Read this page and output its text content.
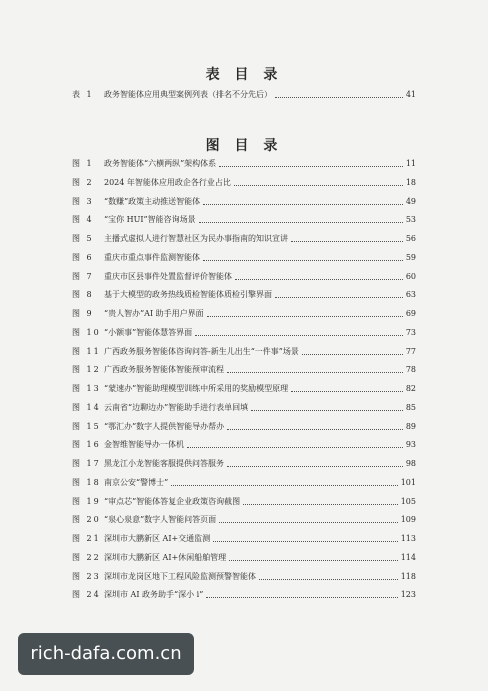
表 目 录
表 1	政务智能体应用典型案例列表（排名不分先后）	41
图 目 录
图 1	政务智能体“六横两纵”架构体系	11
图 2	2024 年智能体应用政企各行业占比	18
图 3	“数赚”政策主动推送智能体	49
图 4	“宝你 HUI”智能咨询场景	53
图 5	主播式虚拟人进行智慧社区为民办事指南的知识宣讲	56
图 6	重庆市重点事件监测智能体	59
图 7	重庆市区县事件处置监督评价智能体	60
图 8	基于大模型的政务热线质检智能体质检引擎界面	63
图 9	“贵人智办”AI 助手用户界面	69
图 10 “小额事”智能体慧答界面	73
图 11 广西政务服务智能体咨询问答-新生儿出生“一件事”场景	77
图 12 广西政务服务智能体智能预审流程	78
图 13 “蒙速办”智能助理模型训练中所采用的奖励模型原理	82
图 14 云南省“边聊边办”智能助手进行表单回填	85
图 15 “鄂汇办”数字人提供智能导办帮办	89
图 16 金智维智能导办一体机	93
图 17 黑龙江小龙智能客服提供问答服务	98
图 18 南京公安“警博士”	101
图 19 “审点芯”智能体答复企业政策咨询截图	105
图 20 “泉心泉意”数字人智能问答页面	109
图 21 深圳市大鹏新区 AI+交通监测	113
图 22 深圳市大鹏新区 AI+休闲船舶管理	114
图 23 深圳市龙岗区地下工程风险监测预警智能体	118
图 24 深圳市 AI 政务助手“深小 i”	123
rich-dafa.com.cn
